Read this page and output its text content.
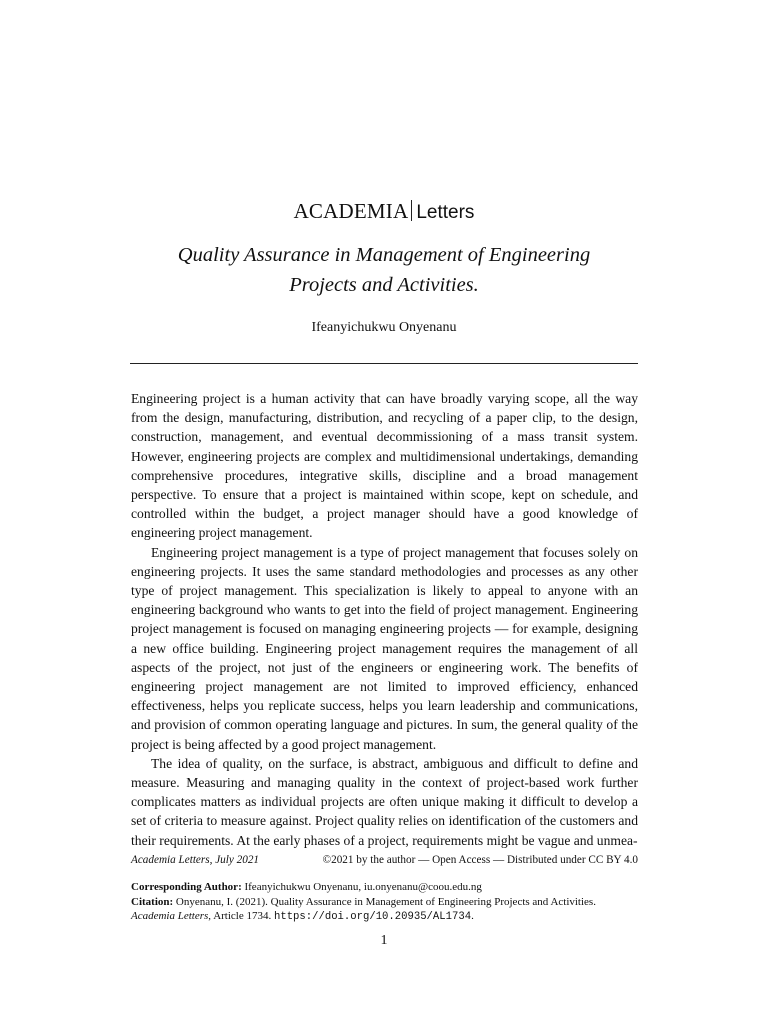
ACADEMIA Letters
Quality Assurance in Management of Engineering
Projects and Activities.
Ifeanyichukwu Onyenanu

Engineering project is a human activity that can have broadly varying scope, all the way from the design, manufacturing, distribution, and recycling of a paper clip, to the design, construction, management, and eventual decommissioning of a mass transit system. However, engineering projects are complex and multidimensional undertakings, demanding comprehensive procedures, integrative skills, discipline and a broad management perspective. To ensure that a project is maintained within scope, kept on schedule, and controlled within the budget, a project manager should have a good knowledge of engineering project management.

Engineering project management is a type of project management that focuses solely on engineering projects. It uses the same standard methodologies and processes as any other type of project management. This specialization is likely to appeal to anyone with an engineering background who wants to get into the field of project management. Engineering project management is focused on managing engineering projects — for example, designing a new office building. Engineering project management requires the management of all aspects of the project, not just of the engineers or engineering work. The benefits of engineering project management are not limited to improved efficiency, enhanced effectiveness, helps you replicate success, helps you learn leadership and communications, and provision of common operating language and pictures. In sum, the general quality of the project is being affected by a good project management.

The idea of quality, on the surface, is abstract, ambiguous and difficult to define and measure. Measuring and managing quality in the context of project-based work further complicates matters as individual projects are often unique making it difficult to develop a set of criteria to measure against. Project quality relies on identification of the customers and their requirements. At the early phases of a project, requirements might be vague and unmea-

Academia Letters, July 2021	©2021 by the author — Open Access — Distributed under CC BY 4.0
Corresponding Author: Ifeanyichukwu Onyenanu, iu.onyenanu@coou.edu.ng
Citation: Onyenanu, I. (2021). Quality Assurance in Management of Engineering Projects and Activities.
Academia Letters, Article 1734. https://doi.org/10.20935/AL1734.
1
